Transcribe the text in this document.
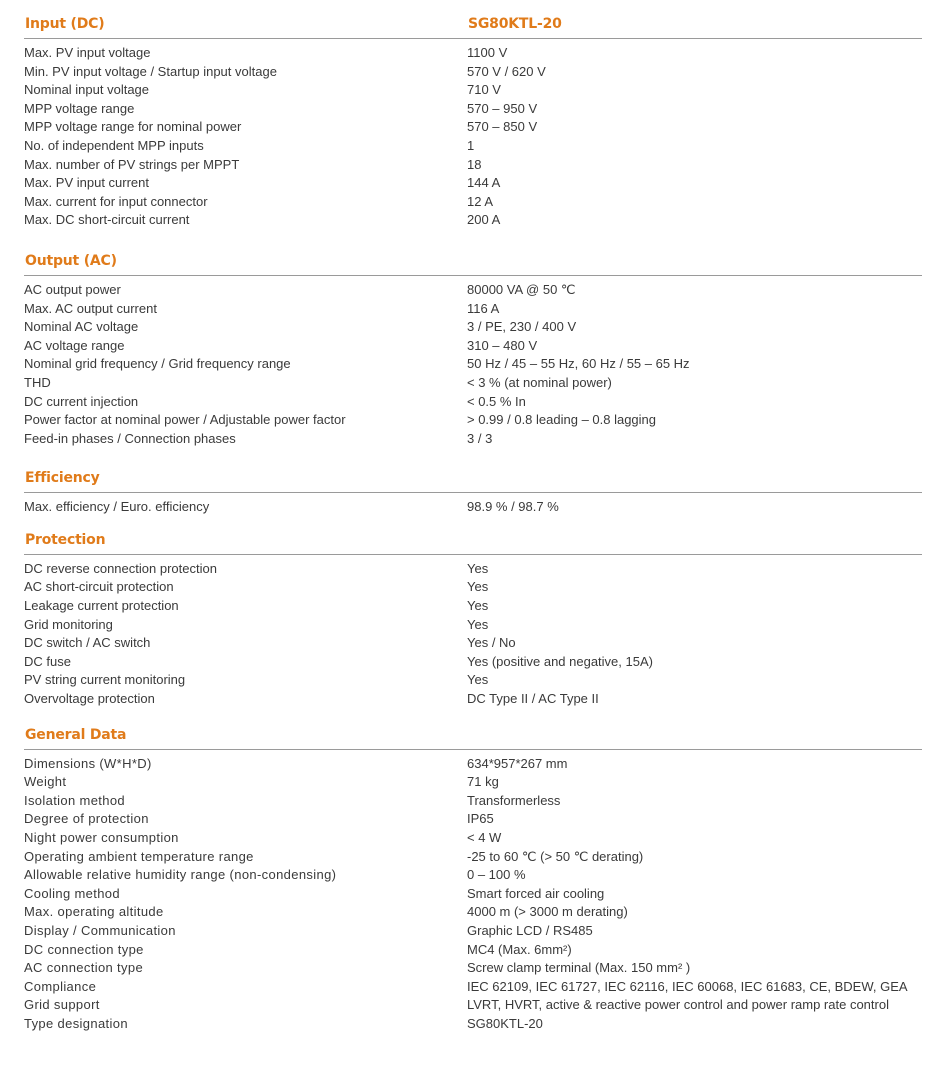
Input (DC)	SG80KTL-20
Max. PV input voltage	1100 V
Min. PV input voltage / Startup input voltage	570 V / 620 V
Nominal input voltage	710 V
MPP voltage range	570 – 950 V
MPP voltage range for nominal power	570 – 850 V
No. of independent MPP inputs	1
Max. number of PV strings per MPPT	18
Max. PV input current	144 A
Max. current for input connector	12 A
Max. DC short-circuit current	200 A
Output (AC)
AC output power	80000 VA @ 50 ℃
Max. AC output current	116 A
Nominal AC voltage	3 / PE, 230 / 400 V
AC voltage range	310 – 480 V
Nominal grid frequency / Grid frequency range	50 Hz / 45 – 55 Hz, 60 Hz / 55 – 65 Hz
THD	< 3 % (at nominal power)
DC current injection	< 0.5 % In
Power factor at nominal power / Adjustable power factor	> 0.99 / 0.8 leading – 0.8 lagging
Feed-in phases / Connection phases	3 / 3
Efficiency
Max. efficiency / Euro. efficiency	98.9 % / 98.7 %
Protection
DC reverse connection protection	Yes
AC short-circuit protection	Yes
Leakage current protection	Yes
Grid monitoring	Yes
DC switch / AC switch	Yes / No
DC fuse	Yes (positive and negative, 15A)
PV string current monitoring	Yes
Overvoltage protection	DC Type II / AC Type II
General Data
Dimensions (W*H*D)	634*957*267 mm
Weight	71 kg
Isolation method	Transformerless
Degree of protection	IP65
Night power consumption	< 4 W
Operating ambient temperature range	-25 to 60 ℃ (> 50 ℃ derating)
Allowable relative humidity range (non-condensing)	0 – 100 %
Cooling method	Smart forced air cooling
Max. operating altitude	4000 m (> 3000 m derating)
Display / Communication	Graphic LCD / RS485
DC connection type	MC4 (Max. 6mm²)
AC connection type	Screw clamp terminal (Max. 150 mm² )
Compliance	IEC 62109, IEC 61727, IEC 62116, IEC 60068, IEC 61683, CE, BDEW, GEA
Grid support	LVRT, HVRT, active & reactive power control and power ramp rate control
Type designation	SG80KTL-20
